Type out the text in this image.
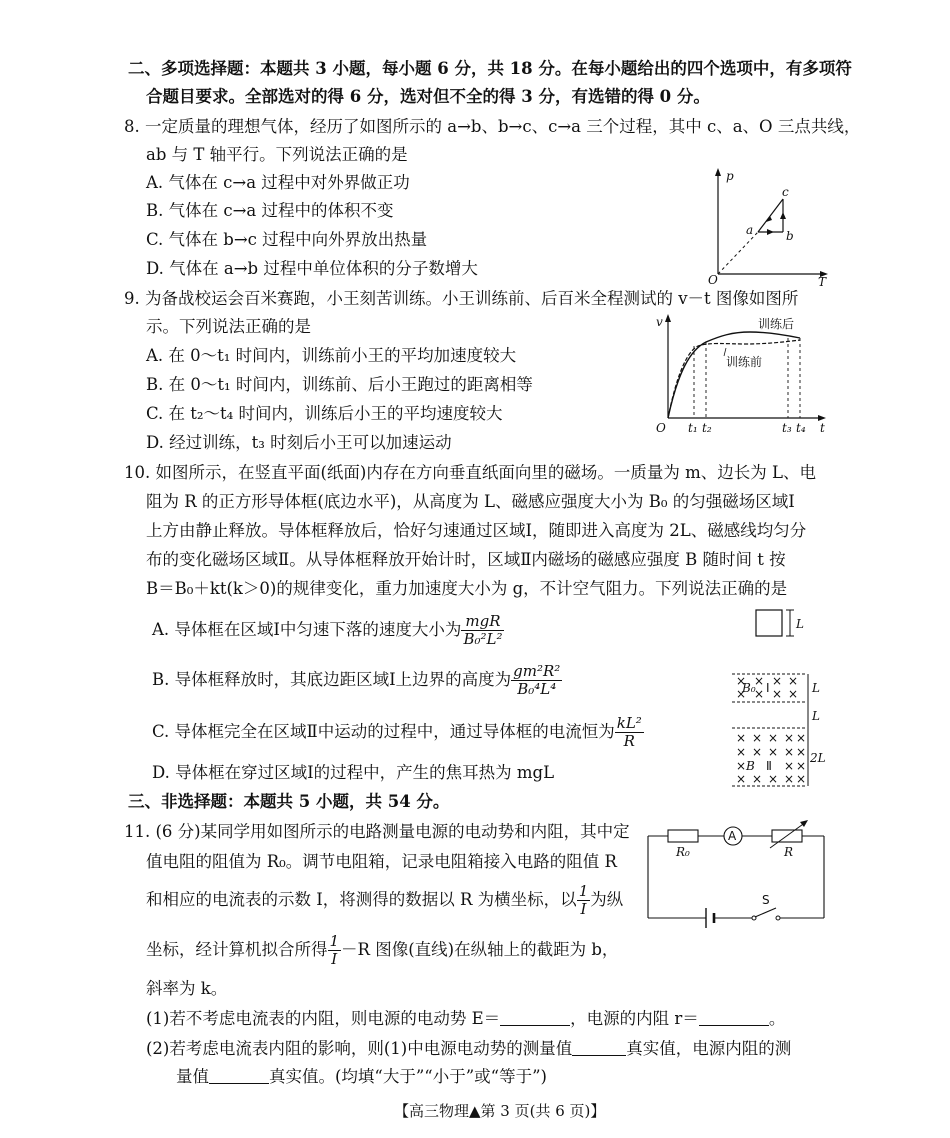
二、多项选择题：本题共 3 小题，每小题 6 分，共 18 分。在每小题给出的四个选项中，有多项符
合题目要求。全部选对的得 6 分，选对但不全的得 3 分，有选错的得 0 分。
8. 一定质量的理想气体，经历了如图所示的 a→b、b→c、c→a 三个过程，其中 c、a、O 三点共线，
ab 与 T 轴平行。下列说法正确的是
A. 气体在 c→a 过程中对外界做正功
B. 气体在 c→a 过程中的体积不变
C. 气体在 b→c 过程中向外界放出热量
D. 气体在 a→b 过程中单位体积的分子数增大
p
T
O
a	b
c
9. 为备战校运会百米赛跑，小王刻苦训练。小王训练前、后百米全程测试的 v－t 图像如图所
示。下列说法正确的是
A. 在 0～t₁ 时间内，训练前小王的平均加速度较大
B. 在 0～t₁ 时间内，训练前、后小王跑过的距离相等
C. 在 t₂～t₄ 时间内，训练后小王的平均速度较大
D. 经过训练，t₃ 时刻后小王可以加速运动
训练后
训练前
v
t
O t₁ t₂	t₃ t₄
10. 如图所示，在竖直平面(纸面)内存在方向垂直纸面向里的磁场。一质量为 m、边长为 L、电
阻为 R 的正方形导体框(底边水平)，从高度为 L、磁感应强度大小为 B₀ 的匀强磁场区域Ⅰ
上方由静止释放。导体框释放后，恰好匀速通过区域Ⅰ，随即进入高度为 2L、磁感线均匀分
布的变化磁场区域Ⅱ。从导体框释放开始计时，区域Ⅱ内磁场的磁感应强度 B 随时间 t 按
B＝B₀＋kt(k＞0)的规律变化，重力加速度大小为 g，不计空气阻力。下列说法正确的是
A. 导体框在区域Ⅰ中匀速下落的速度大小为 $\frac{\text{mgR}}{\text{B₀²L²}}$
B. 导体框释放时，其底边距区域Ⅰ上边界的高度为 $\frac{\text{gm²R²}}{\text{B₀⁴L⁴}}$
C. 导体框完全在区域Ⅱ中运动的过程中，通过导体框的电流恒为 $\frac{\text{kL²}}{R}$
D. 导体框在穿过区域Ⅰ的过程中，产生的焦耳热为 mgL
L
× × × ×
× × × ×
B₀ Ⅰ	L
L
× × × × ×
× × × × ×
×	× ×
× × × × ×
B Ⅱ
2L
三、非选择题：本题共 5 小题，共 54 分。
11. (6 分)某同学用如图所示的电路测量电源的电动势和内阻，其中定
值电阻的阻值为 R₀。调节电阻箱，记录电阻箱接入电路的阻值 R
和相应的电流表的示数 I，将测得的数据以 R 为横坐标，以 $\frac{1}{I}$ 为纵
坐标，经计算机拟合所得 $\frac{1}{I} -R$ 图像(直线)在纵轴上的截距为 b，
斜率为 k。
(1)若不考虑电流表的内阻，则电源的电动势 E＝	，电源的内阻 r＝	。
(2)若考虑电流表内阻的影响，则(1)中电源电动势的测量值	真实值，电源内阻的测
量值	真实值。(均填“大于”“小于”或“等于”)
A
R₀	R
S
【高三物理▲第 3 页(共 6 页)】
